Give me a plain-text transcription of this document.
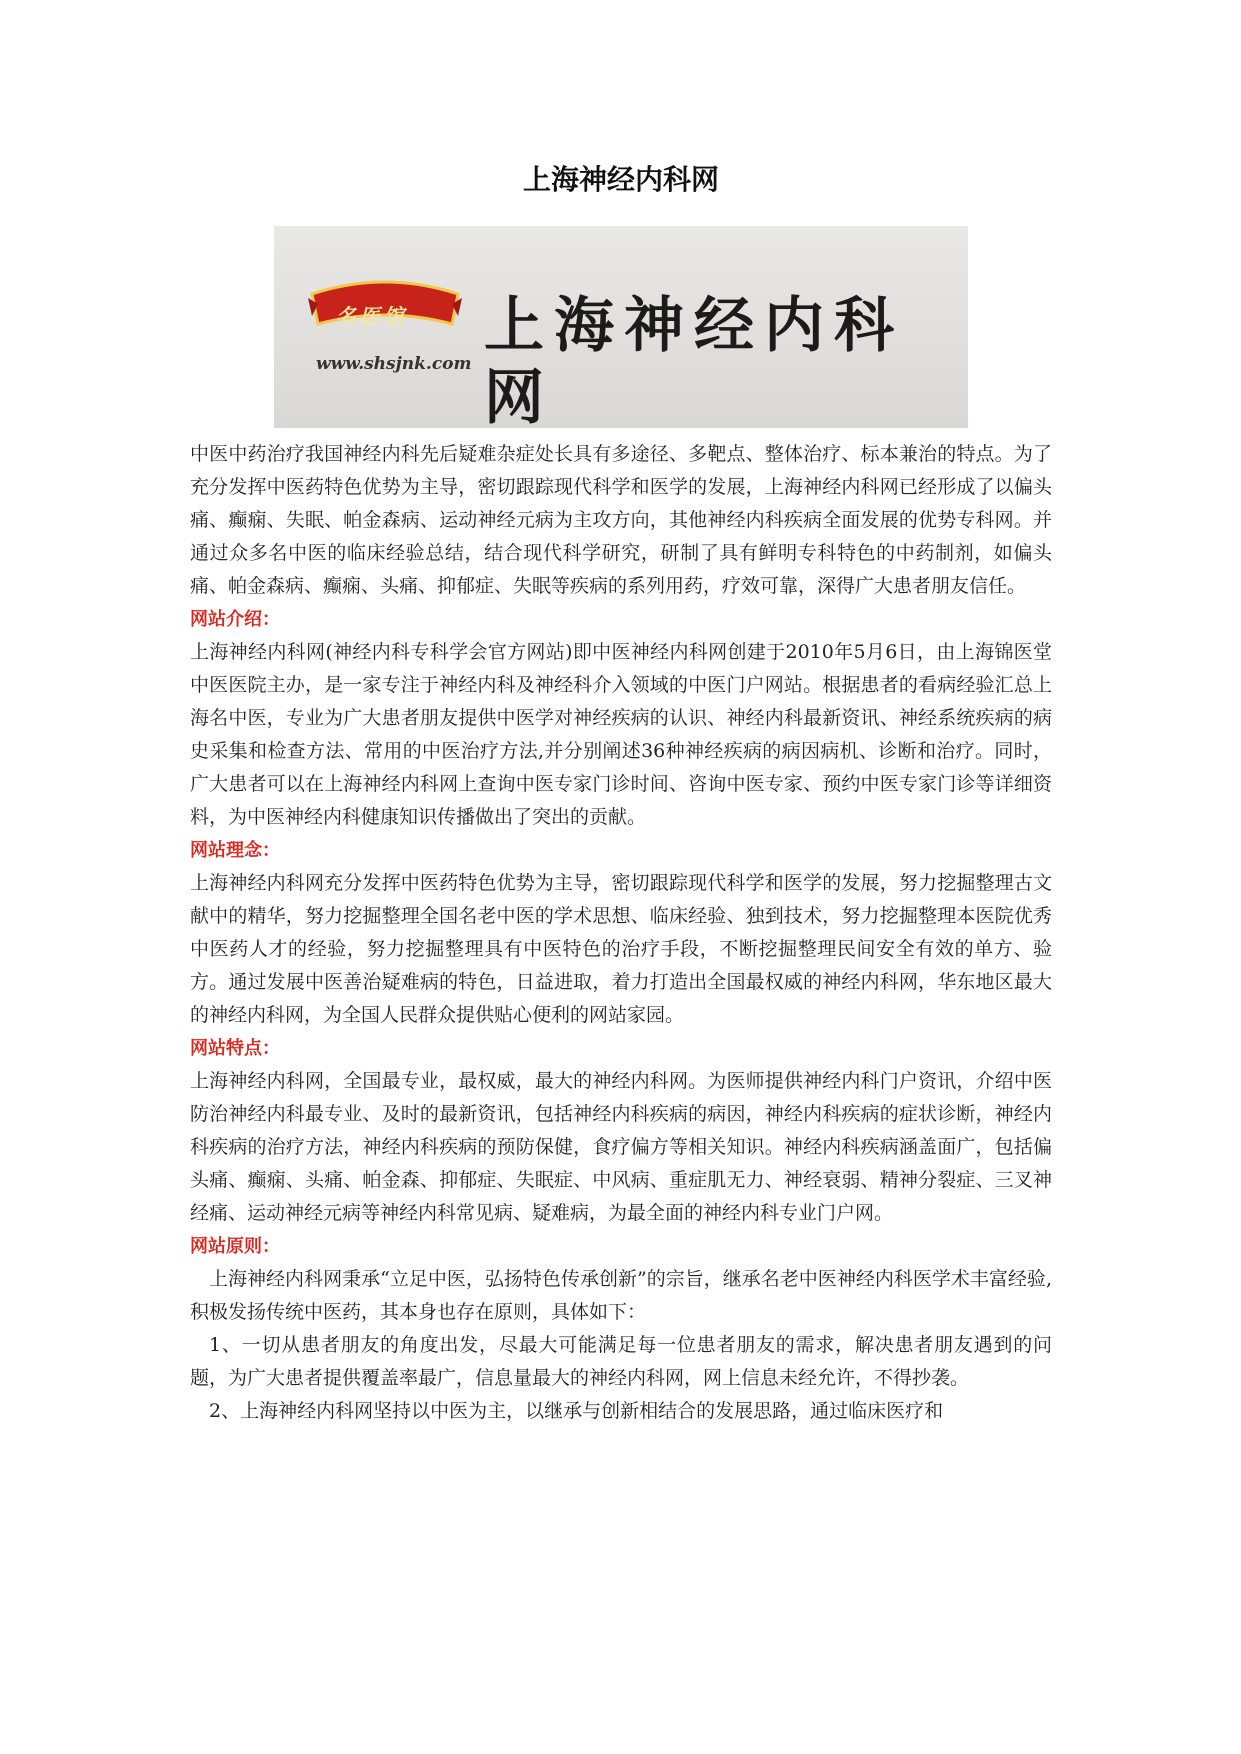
上海神经内科网
名医馆
www.shsjnk.com
上海神经内科网

中医中药治疗我国神经内科先后疑难杂症处长具有多途径、多靶点、整体治疗、标本兼治的特点。为了充分发挥中医药特色优势为主导，密切跟踪现代科学和医学的发展，上海神经内科网已经形成了以偏头痛、癫痫、失眠、帕金森病、运动神经元病为主攻方向，其他神经内科疾病全面发展的优势专科网。并通过众多名中医的临床经验总结，结合现代科学研究，研制了具有鲜明专科特色的中药制剂，如偏头痛、帕金森病、癫痫、头痛、抑郁症、失眠等疾病的系列用药，疗效可靠，深得广大患者朋友信任。

网站介绍：

上海神经内科网(神经内科专科学会官方网站)即中医神经内科网创建于2010年5月6日，由上海锦医堂中医医院主办，是一家专注于神经内科及神经科介入领域的中医门户网站。根据患者的看病经验汇总上海名中医，专业为广大患者朋友提供中医学对神经疾病的认识、神经内科最新资讯、神经系统疾病的病史采集和检查方法、常用的中医治疗方法,并分别阐述36种神经疾病的病因病机、诊断和治疗。同时，广大患者可以在上海神经内科网上查询中医专家门诊时间、咨询中医专家、预约中医专家门诊等详细资料，为中医神经内科健康知识传播做出了突出的贡献。

网站理念：

上海神经内科网充分发挥中医药特色优势为主导，密切跟踪现代科学和医学的发展，努力挖掘整理古文献中的精华，努力挖掘整理全国名老中医的学术思想、临床经验、独到技术，努力挖掘整理本医院优秀中医药人才的经验，努力挖掘整理具有中医特色的治疗手段，不断挖掘整理民间安全有效的单方、验方。通过发展中医善治疑难病的特色，日益进取，着力打造出全国最权威的神经内科网，华东地区最大的神经内科网，为全国人民群众提供贴心便利的网站家园。

网站特点：

上海神经内科网，全国最专业，最权威，最大的神经内科网。为医师提供神经内科门户资讯，介绍中医防治神经内科最专业、及时的最新资讯，包括神经内科疾病的病因，神经内科疾病的症状诊断，神经内科疾病的治疗方法，神经内科疾病的预防保健，食疗偏方等相关知识。神经内科疾病涵盖面广，包括偏头痛、癫痫、头痛、帕金森、抑郁症、失眠症、中风病、重症肌无力、神经衰弱、精神分裂症、三叉神经痛、运动神经元病等神经内科常见病、疑难病，为最全面的神经内科专业门户网。

网站原则：

上海神经内科网秉承“立足中医，弘扬特色传承创新”的宗旨，继承名老中医神经内科医学术丰富经验,积极发扬传统中医药，其本身也存在原则，具体如下：

1、一切从患者朋友的角度出发，尽最大可能满足每一位患者朋友的需求，解决患者朋友遇到的问题，为广大患者提供覆盖率最广，信息量最大的神经内科网，网上信息未经允许，不得抄袭。

2、上海神经内科网坚持以中医为主，以继承与创新相结合的发展思路，通过临床医疗和
